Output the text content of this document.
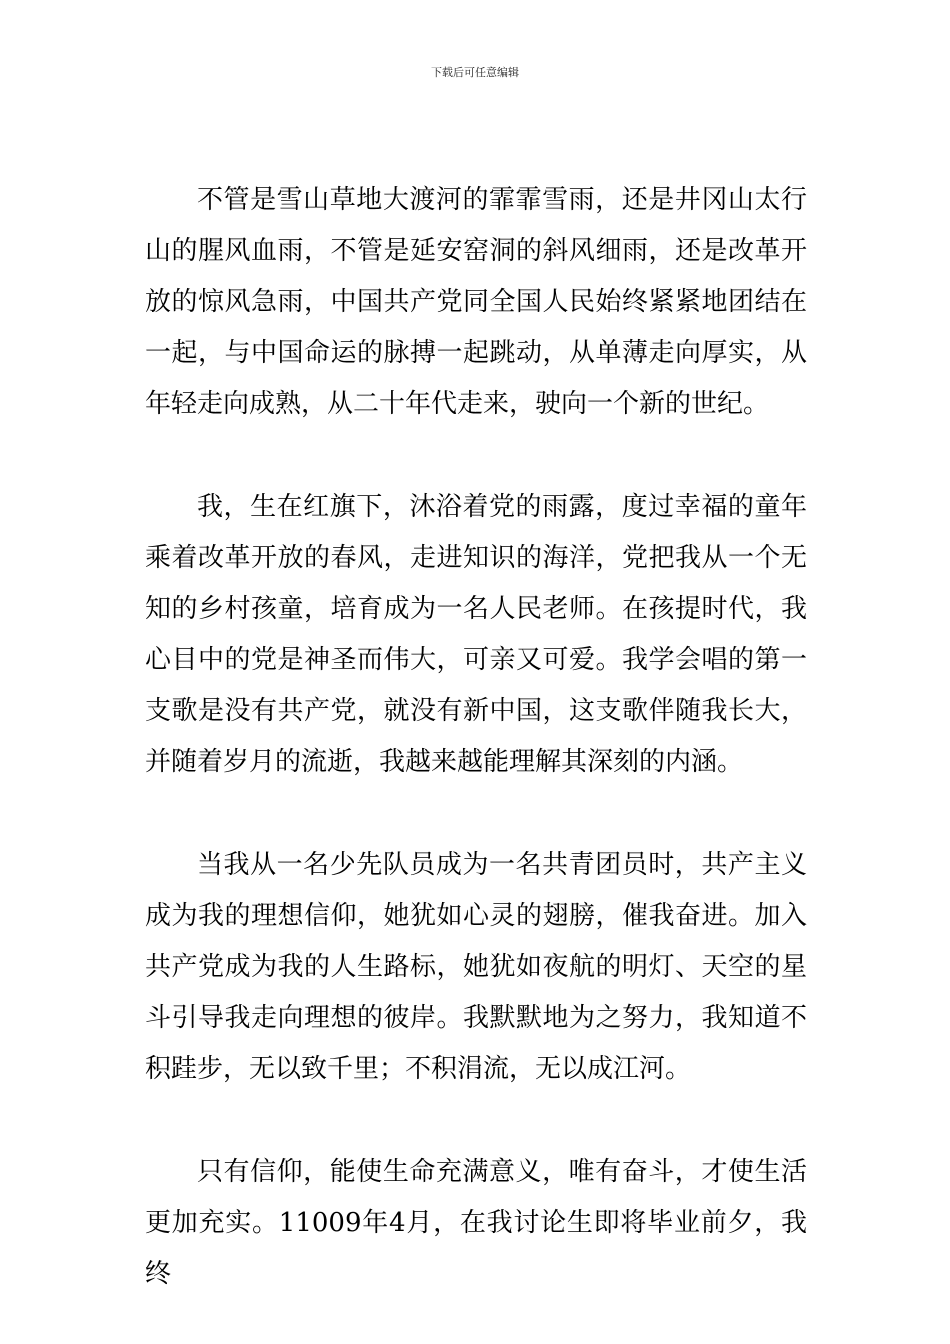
下载后可任意编辑

不管是雪山草地大渡河的霏霏雪雨，还是井冈山太行山的腥风血雨，不管是延安窑洞的斜风细雨，还是改革开放的惊风急雨，中国共产党同全国人民始终紧紧地团结在一起，与中国命运的脉搏一起跳动，从单薄走向厚实，从年轻走向成熟，从二十年代走来，驶向一个新的世纪。

我，生在红旗下，沐浴着党的雨露，度过幸福的童年乘着改革开放的春风，走进知识的海洋，党把我从一个无知的乡村孩童，培育成为一名人民老师。在孩提时代，我心目中的党是神圣而伟大，可亲又可爱。我学会唱的第一支歌是没有共产党，就没有新中国，这支歌伴随我长大，并随着岁月的流逝，我越来越能理解其深刻的内涵。

当我从一名少先队员成为一名共青团员时，共产主义成为我的理想信仰，她犹如心灵的翅膀，催我奋进。加入共产党成为我的人生路标，她犹如夜航的明灯、天空的星斗引导我走向理想的彼岸。我默默地为之努力，我知道不积跬步，无以致千里；不积涓流，无以成江河。

只有信仰，能使生命充满意义，唯有奋斗，才使生活更加充实。11009年4月，在我讨论生即将毕业前夕，我终
